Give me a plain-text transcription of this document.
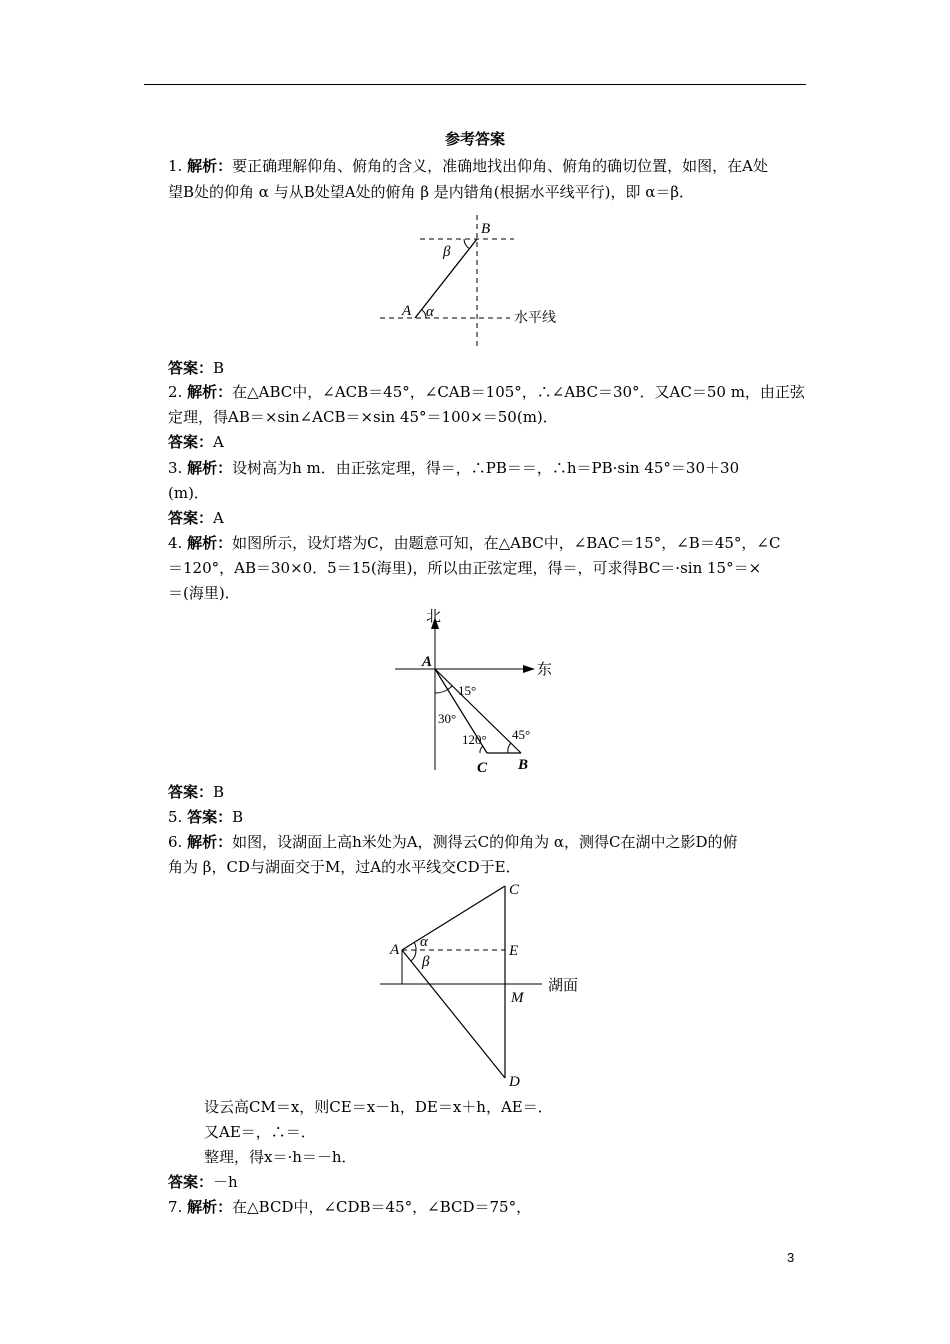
参考答案
1. 解析：要正确理解仰角、俯角的含义，准确地找出仰角、俯角的确切位置，如图，在A处
望B处的仰角 α 与从B处望A处的俯角 β 是内错角(根据水平线平行)，即 α＝β．
B
A α
β
水平线
答案：B
2. 解析：在△ABC中，∠ACB＝45°，∠CAB＝105°，∴∠ABC＝30°．又AC＝50 m，由正弦
定理，得AB＝×sin∠ACB＝×sin 45°＝100×＝50(m)．
答案：A
3. 解析：设树高为h m．由正弦定理，得＝，∴PB＝＝，∴h＝PB·sin 45°＝30＋30
(m)．
答案：A
4. 解析：如图所示，设灯塔为C，由题意可知，在△ABC中，∠BAC＝15°，∠B＝45°，∠C
＝120°，AB＝30×0．5＝15(海里)，所以由正弦定理，得＝，可求得BC＝·sin 15°＝×
＝(海里)．
北
东
A
15°
30°
120° 45°
C B
答案：B
5. 答案：B
6. 解析：如图，设湖面上高h米处为A，测得云C的仰角为 α，测得C在湖中之影D的俯
角为 β，CD与湖面交于M，过A的水平线交CD于E．
C
A α
β
E
M
D
湖面
设云高CM＝x，则CE＝x－h，DE＝x＋h，AE＝．
又AE＝，∴＝．
整理，得x＝·h＝－h．
答案：－h
7. 解析：在△BCD中，∠CDB＝45°，∠BCD＝75°，
3
